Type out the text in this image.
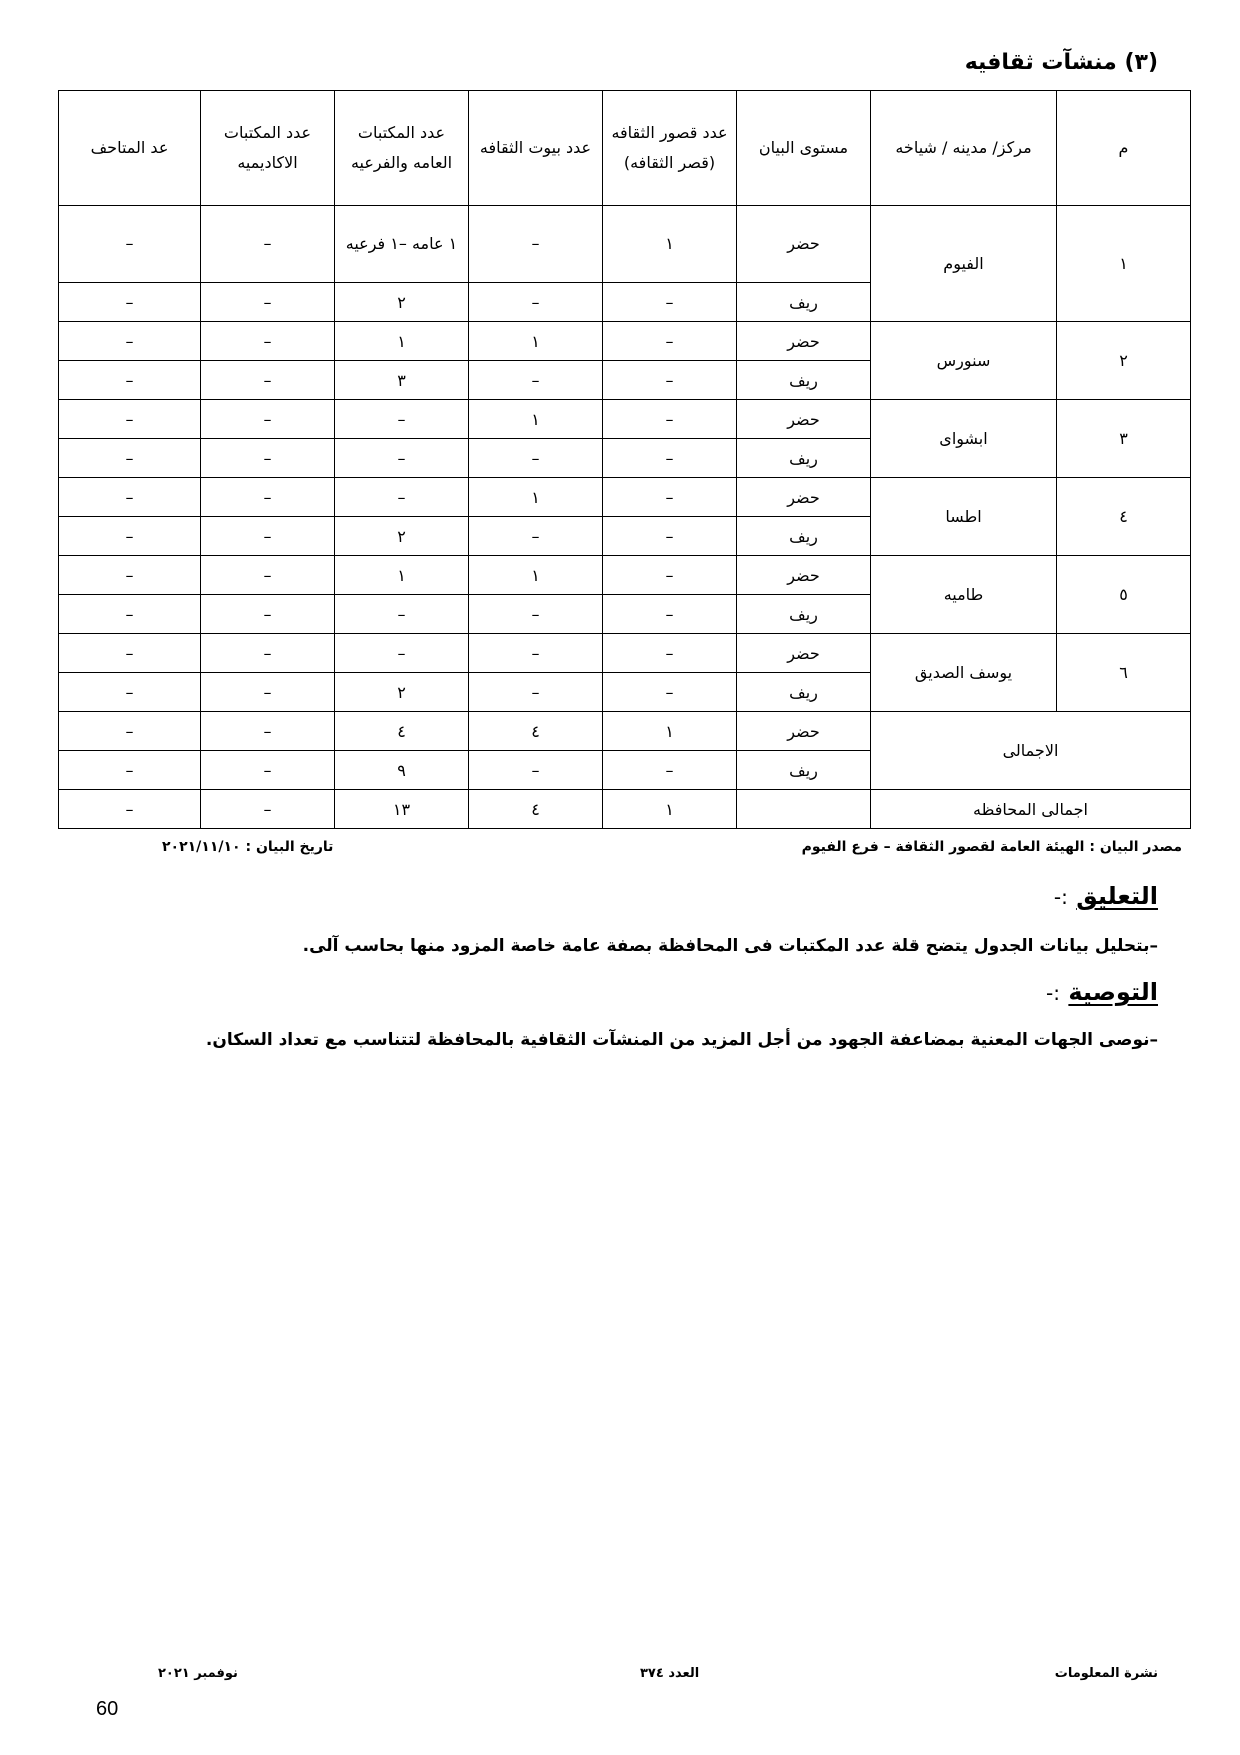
(٣) منشآت ثقافيه
م	مركز/ مدينه / شياخه	مستوى البيان	عدد قصور الثقافه (قصر الثقافه)	عدد بيوت الثقافه	عدد المكتبات العامه والفرعيه	عدد المكتبات الاكاديميه	عد المتاحف
١	الفيوم	حضر	١	–	١ عامه –١ فرعيه	–	–
		ريف	–	–	٢	–	–
٢	سنورس	حضر	–	١	١	–	–
		ريف	–	–	٣	–	–
٣	ابشواى	حضر	–	١	–	–	–
		ريف	–	–	–	–	–
٤	اطسا	حضر	–	١	–	–	–
		ريف	–	–	٢	–	–
٥	طاميه	حضر	–	١	١	–	–
		ريف	–	–	–	–	–
٦	يوسف الصديق	حضر	–	–	–	–	–
		ريف	–	–	٢	–	–
الاجمالى		حضر	١	٤	٤	–	–
		ريف	–	–	٩	–	–
اجمالى المحافظه			١	٤	١٣	–	–
مصدر البيان : الهيئة العامة لقصور الثقافة – فرع الفيوم
تاريخ البيان : ٢٠٢١/١١/١٠
التعليق :-
–بتحليل بيانات الجدول يتضح قلة عدد المكتبات فى المحافظة بصفة عامة خاصة المزود منها بحاسب آلى.
التوصية :-
–نوصى الجهات المعنية بمضاعفة الجهود من أجل المزيد من المنشآت الثقافية بالمحافظة لتتناسب مع تعداد السكان.
نشرة المعلومات
العدد ٣٧٤
نوفمبر ٢٠٢١
60
